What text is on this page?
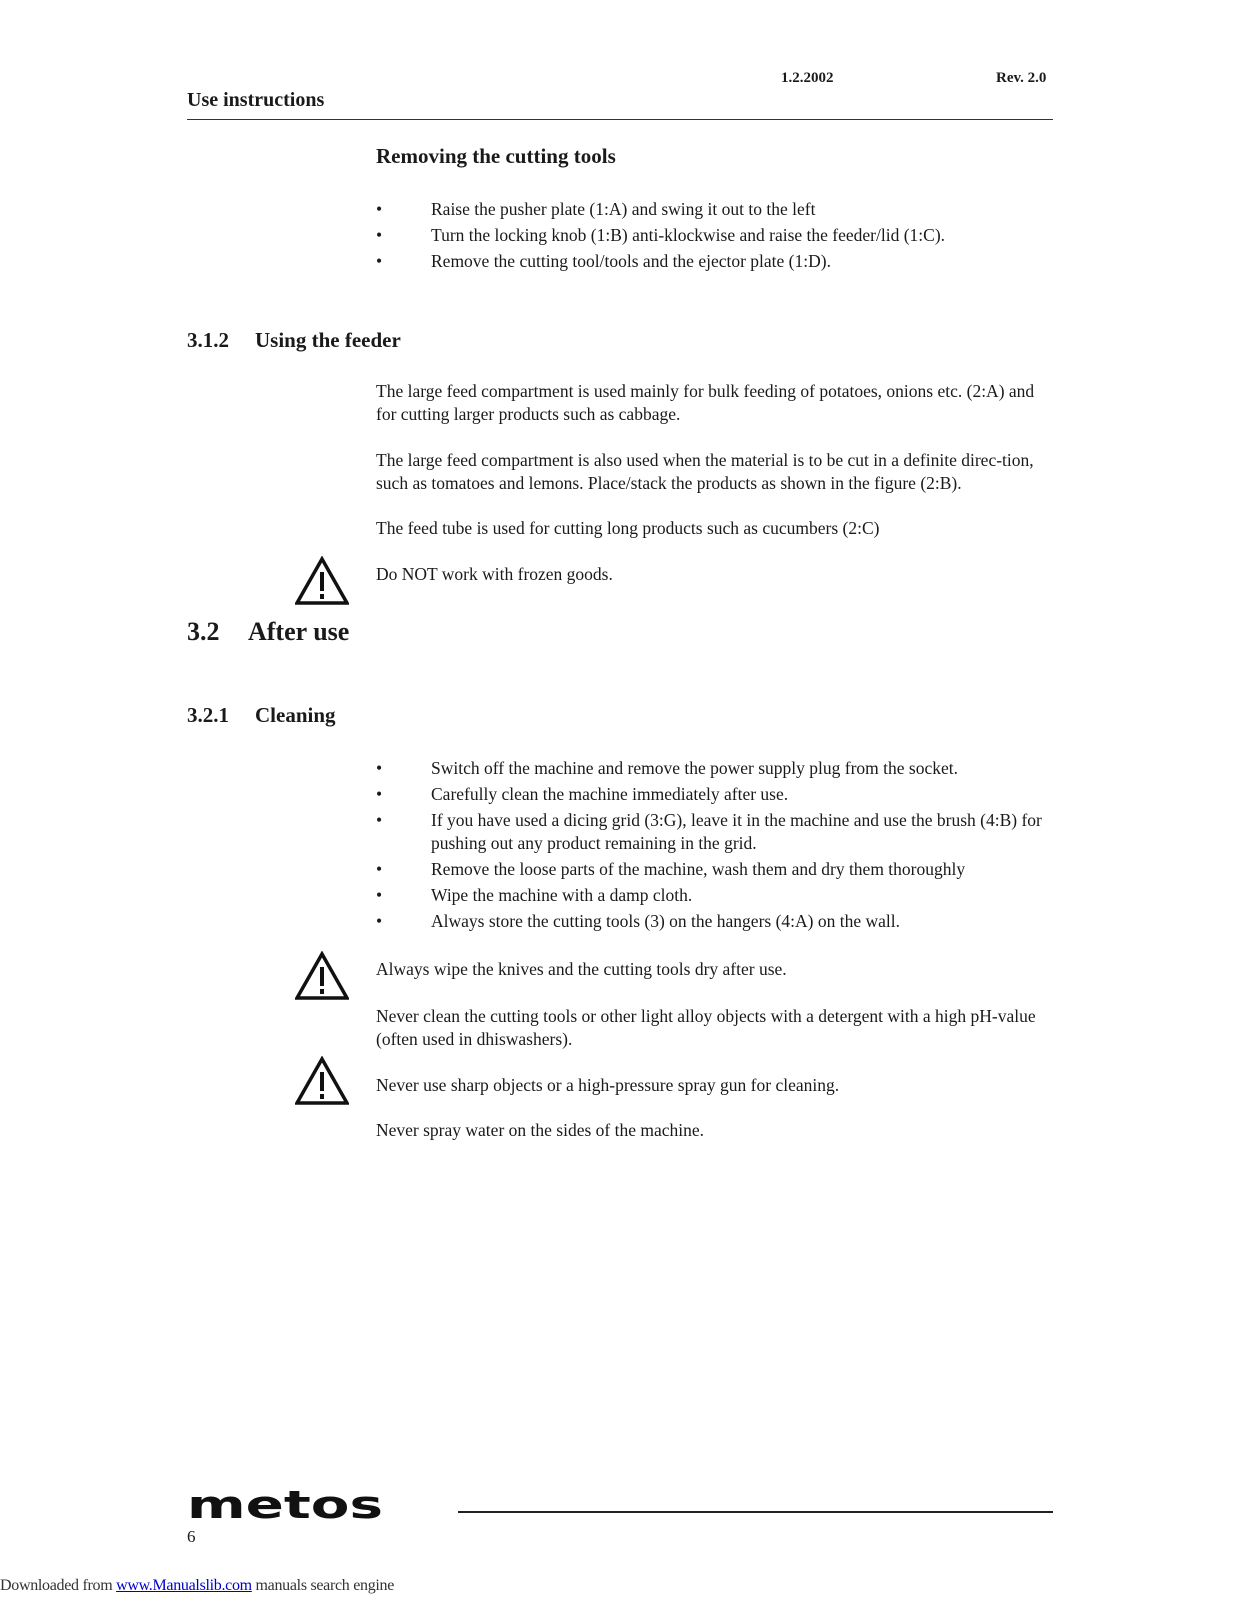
1.2.2002	Rev. 2.0
Use instructions
Removing the cutting tools
•	Raise the pusher plate (1:A) and swing it out to the left
•	Turn the locking knob (1:B) anti-klockwise and raise the feeder/lid (1:C).
•	Remove the cutting tool/tools and the ejector plate (1:D).
3.1.2 Using the feeder
The large feed compartment is used mainly for bulk feeding of potatoes, onions etc. (2:A) and for cutting larger products such as cabbage.
The large feed compartment is also used when the material is to be cut in a definite direc-tion, such as tomatoes and lemons. Place/stack the products as shown in the figure (2:B).
The feed tube is used for cutting long products such as cucumbers (2:C)
Do NOT work with frozen goods.
3.2 After use
3.2.1 Cleaning
•	Switch off the machine and remove the power supply plug from the socket.
•	Carefully clean the machine immediately after use.
•	If you have used a dicing grid (3:G), leave it in the machine and use the brush (4:B) for pushing out any product remaining in the grid.
•	Remove the loose parts of the machine, wash them and dry them thoroughly
•	Wipe the machine with a damp cloth.
•	Always store the cutting tools (3) on the hangers (4:A) on the wall.
Always wipe the knives and the cutting tools dry after use.
Never clean the cutting tools or other light alloy objects with a detergent with a high pH-value (often used in dhiswashers).
Never use sharp objects or a high-pressure spray gun for cleaning.
Never spray water on the sides of the machine.
metos
6
Downloaded from www.Manualslib.com manuals search engine
